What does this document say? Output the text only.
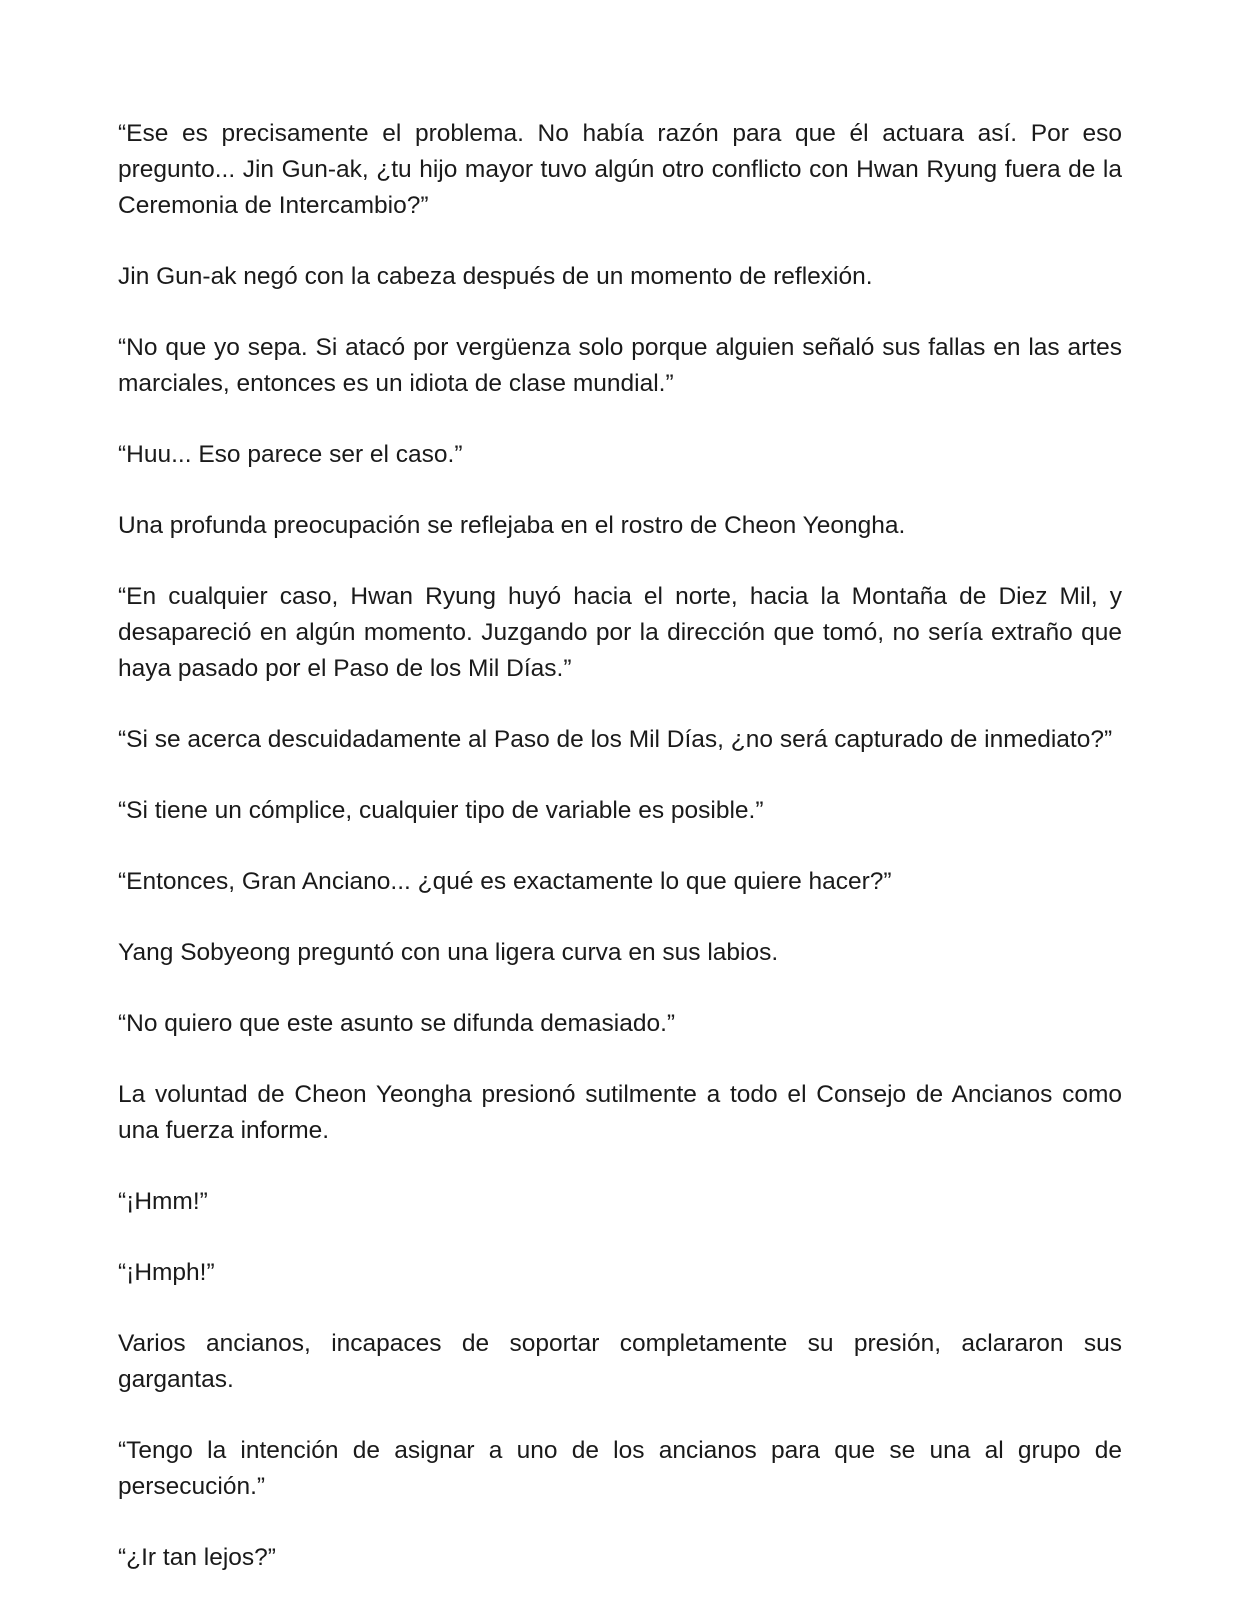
“Ese es precisamente el problema. No había razón para que él actuara así. Por eso pregunto... Jin Gun-ak, ¿tu hijo mayor tuvo algún otro conflicto con Hwan Ryung fuera de la Ceremonia de Intercambio?”

Jin Gun-ak negó con la cabeza después de un momento de reflexión.

“No que yo sepa. Si atacó por vergüenza solo porque alguien señaló sus fallas en las artes marciales, entonces es un idiota de clase mundial.”

“Huu... Eso parece ser el caso.”

Una profunda preocupación se reflejaba en el rostro de Cheon Yeongha.

“En cualquier caso, Hwan Ryung huyó hacia el norte, hacia la Montaña de Diez Mil, y desapareció en algún momento. Juzgando por la dirección que tomó, no sería extraño que haya pasado por el Paso de los Mil Días.”

“Si se acerca descuidadamente al Paso de los Mil Días, ¿no será capturado de inmediato?”

“Si tiene un cómplice, cualquier tipo de variable es posible.”

“Entonces, Gran Anciano... ¿qué es exactamente lo que quiere hacer?”

Yang Sobyeong preguntó con una ligera curva en sus labios.

“No quiero que este asunto se difunda demasiado.”

La voluntad de Cheon Yeongha presionó sutilmente a todo el Consejo de Ancianos como una fuerza informe.

“¡Hmm!”

“¡Hmph!”

Varios ancianos, incapaces de soportar completamente su presión, aclararon sus gargantas.

“Tengo la intención de asignar a uno de los ancianos para que se una al grupo de persecución.”

“¿Ir tan lejos?”
